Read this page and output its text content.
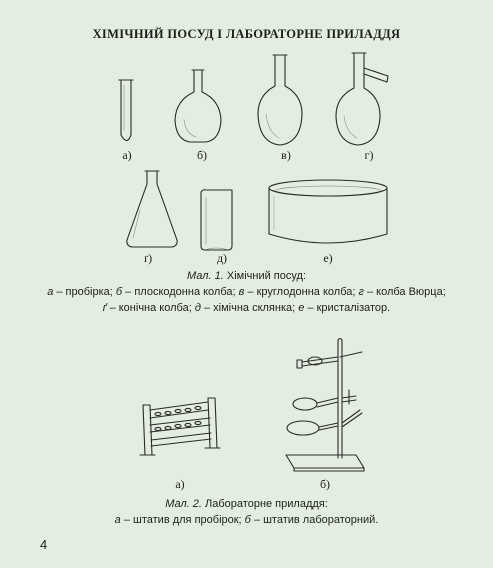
ХІМІЧНИЙ ПОСУД І ЛАБОРАТОРНЕ ПРИЛАДДЯ
а)	б)	в)	г)
ґ)	д)	е)
Мал. 1. Хімічний посуд:
а – пробірка; б – плоскодонна колба; в – круглодонна колба; г – колба Вюрца;
ґ – конічна колба; д – хімічна склянка; е – кристалізатор.
а)	б)
Мал. 2. Лабораторне приладдя:
а – штатив для пробірок; б – штатив лабораторний.
4
